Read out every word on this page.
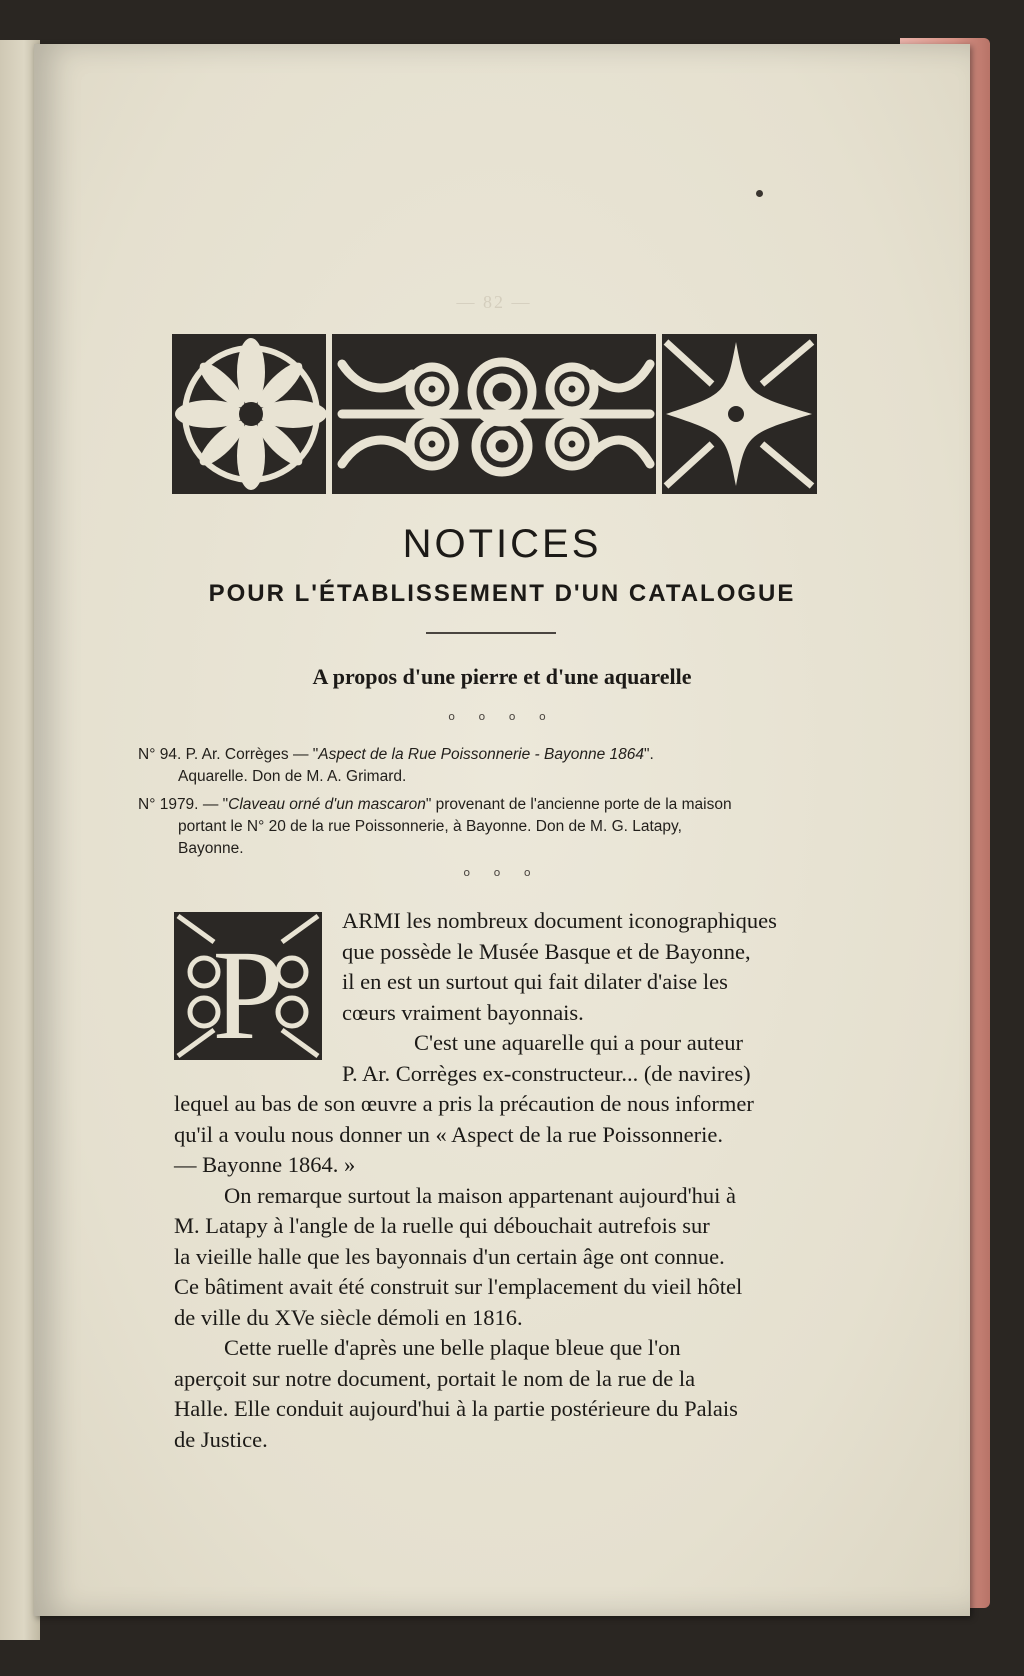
— 82 —
NOTICES
POUR L'ÉTABLISSEMENT D'UN CATALOGUE
A propos d'une pierre et d'une aquarelle
o o o o
N° 94. P. Ar. Corrèges — "Aspect de la Rue Poissonnerie - Bayonne 1864".
Aquarelle. Don de M. A. Grimard.
N° 1979. — "Claveau orné d'un mascaron" provenant de l'ancienne porte de la maison
portant le N° 20 de la rue Poissonnerie, à Bayonne. Don de M. G. Latapy,
Bayonne.
o o o
P
ARMI les nombreux document iconographiques
que possède le Musée Basque et de Bayonne,
il en est un surtout qui fait dilater d'aise les
cœurs vraiment bayonnais.
C'est une aquarelle qui a pour auteur
P. Ar. Corrèges ex-constructeur... (de navires)
lequel au bas de son œuvre a pris la précaution de nous informer
qu'il a voulu nous donner un « Aspect de la rue Poissonnerie.
— Bayonne 1864. »
On remarque surtout la maison appartenant aujourd'hui à
M. Latapy à l'angle de la ruelle qui débouchait autrefois sur
la vieille halle que les bayonnais d'un certain âge ont connue.
Ce bâtiment avait été construit sur l'emplacement du vieil hôtel
de ville du XVe siècle démoli en 1816.
Cette ruelle d'après une belle plaque bleue que l'on
aperçoit sur notre document, portait le nom de la rue de la
Halle. Elle conduit aujourd'hui à la partie postérieure du Palais
de Justice.
